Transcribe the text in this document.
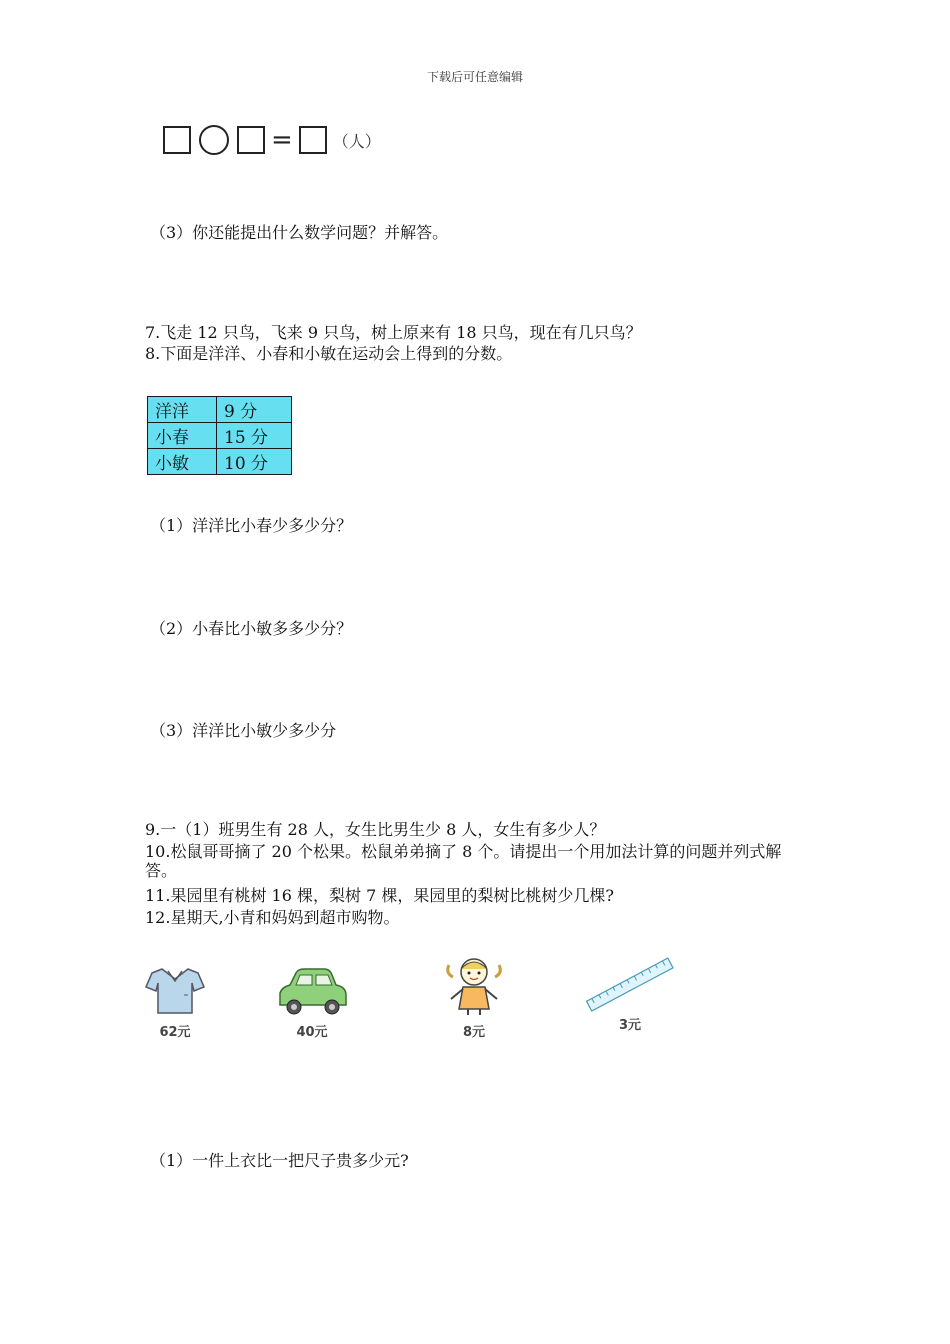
下载后可任意编辑
=	（人）
（3）你还能提出什么数学问题？并解答。
7.飞走 12 只鸟，飞来 9 只鸟，树上原来有 18 只鸟，现在有几只鸟？
8.下面是洋洋、小春和小敏在运动会上得到的分数。
洋洋	9 分
小春	15 分
小敏	10 分
（1）洋洋比小春少多少分？
（2）小春比小敏多多少分？
（3）洋洋比小敏少多少分
9.一（1）班男生有 28 人，女生比男生少 8 人，女生有多少人？
10.松鼠哥哥摘了 20 个松果。松鼠弟弟摘了 8 个。请提出一个用加法计算的问题并列式解答。
11.果园里有桃树 16 棵，梨树 7 棵，果园里的梨树比桃树少几棵?
12.星期天,小青和妈妈到超市购物。
62元	40元	8元	3元
（1）一件上衣比一把尺子贵多少元?
